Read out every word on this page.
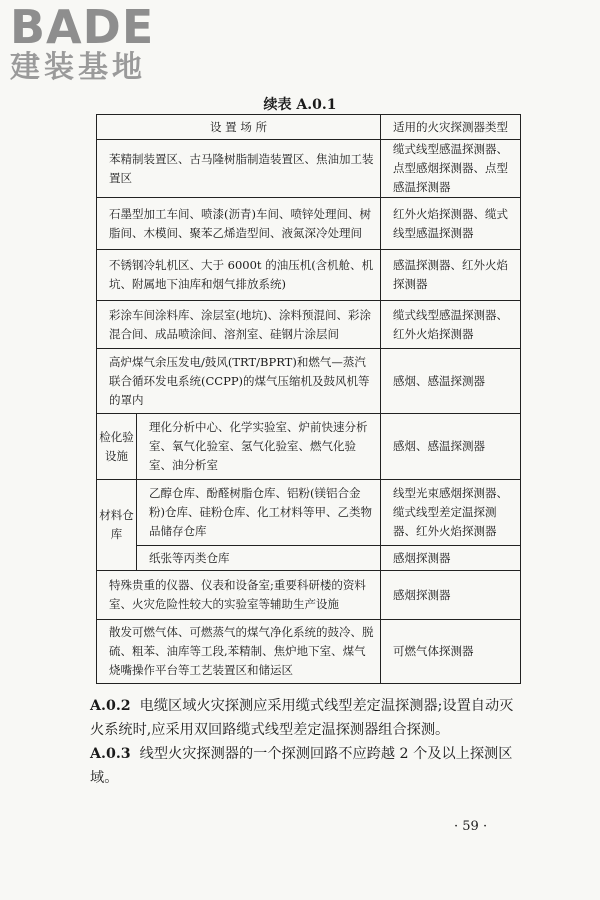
BADE
建装基地
续表 A.0.1
设 置 场 所		适用的火灾探测器类型
苯精制装置区、古马隆树脂制造装置区、焦油加工装置区		缆式线型感温探测器、点型感烟探测器、点型感温探测器
石墨型加工车间、喷漆(沥青)车间、喷锌处理间、树脂间、木模间、聚苯乙烯造型间、液氮深冷处理间		红外火焰探测器、缆式线型感温探测器
不锈钢冷轧机区、大于 6000t 的油压机(含机舱、机坑、附属地下油库和烟气排放系统)		感温探测器、红外火焰探测器
彩涂车间涂料库、涂层室(地坑)、涂料预混间、彩涂混合间、成品喷涂间、溶剂室、硅钢片涂层间		缆式线型感温探测器、红外火焰探测器
高炉煤气余压发电/鼓风(TRT/BPRT)和燃气—蒸汽联合循环发电系统(CCPP)的煤气压缩机及鼓风机等的罩内		感烟、感温探测器
检化验设施	理化分析中心、化学实验室、炉前快速分析室、氧气化验室、氢气化验室、燃气化验室、油分析室	感烟、感温探测器
材料仓库	乙醇仓库、酚醛树脂仓库、铝粉(镁铝合金粉)仓库、硅粉仓库、化工材料等甲、乙类物品储存仓库	线型光束感烟探测器、缆式线型差定温探测器、红外火焰探测器
	纸张等丙类仓库	感烟探测器
特殊贵重的仪器、仪表和设备室;重要科研楼的资料室、火灾危险性较大的实验室等辅助生产设施		感烟探测器
散发可燃气体、可燃蒸气的煤气净化系统的鼓冷、脱硫、粗苯、油库等工段,苯精制、焦炉地下室、煤气烧嘴操作平台等工艺装置区和储运区		可燃气体探测器
A.0.2 电缆区域火灾探测应采用缆式线型差定温探测器;设置自动灭火系统时,应采用双回路缆式线型差定温探测器组合探测。
A.0.3 线型火灾探测器的一个探测回路不应跨越 2 个及以上探测区域。
· 59 ·
